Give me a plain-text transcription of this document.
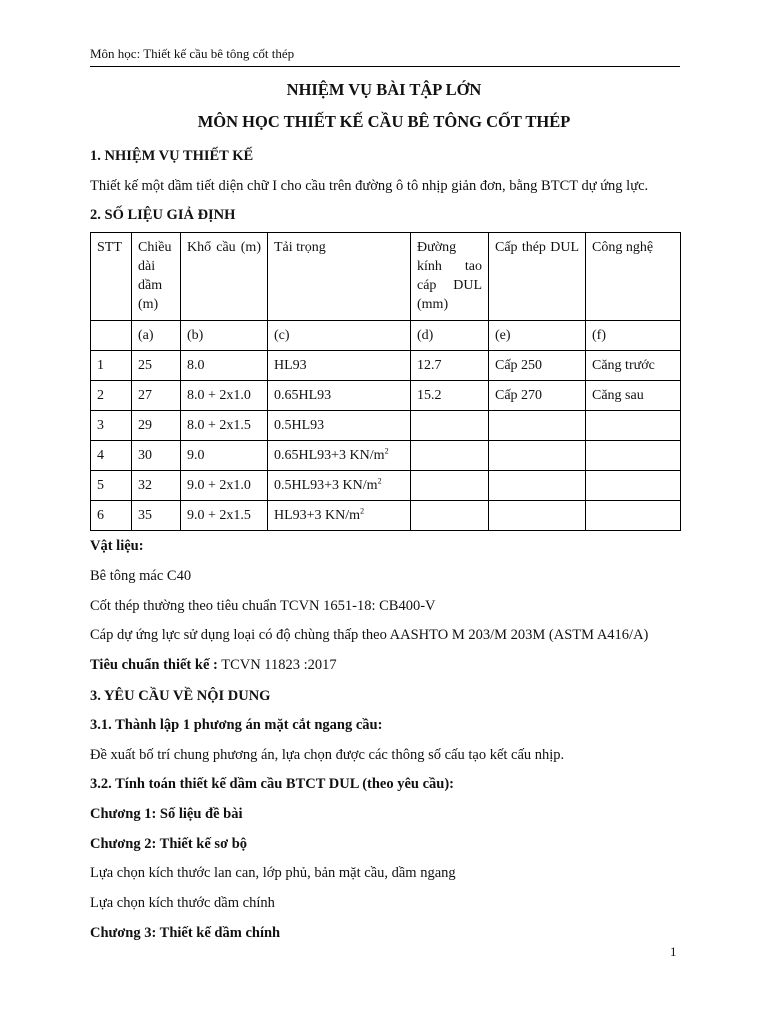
Môn học: Thiết kế cầu bê tông cốt thép
NHIỆM VỤ BÀI TẬP LỚN
MÔN HỌC THIẾT KẾ CẦU BÊ TÔNG CỐT THÉP
1. NHIỆM VỤ THIẾT KẾ
Thiết kế một dầm tiết diện chữ I cho cầu trên đường ô tô nhịp giản đơn, bằng BTCT dự ứng lực.
2. SỐ LIỆU GIẢ ĐỊNH
STT	Chiều dài dầm (m)	Khổ cầu (m)	Tải trọng	Đường kính tao cáp DUL (mm)	Cấp thép DUL	Công nghệ
	(a)	(b)	(c)	(d)	(e)	(f)
1	25	8.0	HL93	12.7	Cấp 250	Căng trước
2	27	8.0 + 2x1.0	0.65HL93	15.2	Cấp 270	Căng sau
3	29	8.0 + 2x1.5	0.5HL93			
4	30	9.0	0.65HL93+3 $KN/m^2$			
5	32	9.0 + 2x1.0	0.5HL93+3 $KN/m^2$			
6	35	9.0 + 2x1.5	HL93+3 $KN/m^2$			
Vật liệu:
Bê tông mác C40
Cốt thép thường theo tiêu chuẩn TCVN 1651-18: CB400-V
Cáp dự ứng lực sử dụng loại có độ chùng thấp theo AASHTO M 203/M 203M (ASTM A416/A)
Tiêu chuẩn thiết kế : TCVN 11823 :2017
3. YÊU CẦU VỀ NỘI DUNG
3.1. Thành lập 1 phương án mặt cắt ngang cầu:
Đề xuất bố trí chung phương án, lựa chọn được các thông số cấu tạo kết cấu nhịp.
3.2. Tính toán thiết kế dầm cầu BTCT DUL (theo yêu cầu):
Chương 1: Số liệu đề bài
Chương 2: Thiết kế sơ bộ
Lựa chọn kích thước lan can, lớp phủ, bản mặt cầu, dầm ngang
Lựa chọn kích thước dầm chính
Chương 3: Thiết kế dầm chính
1
